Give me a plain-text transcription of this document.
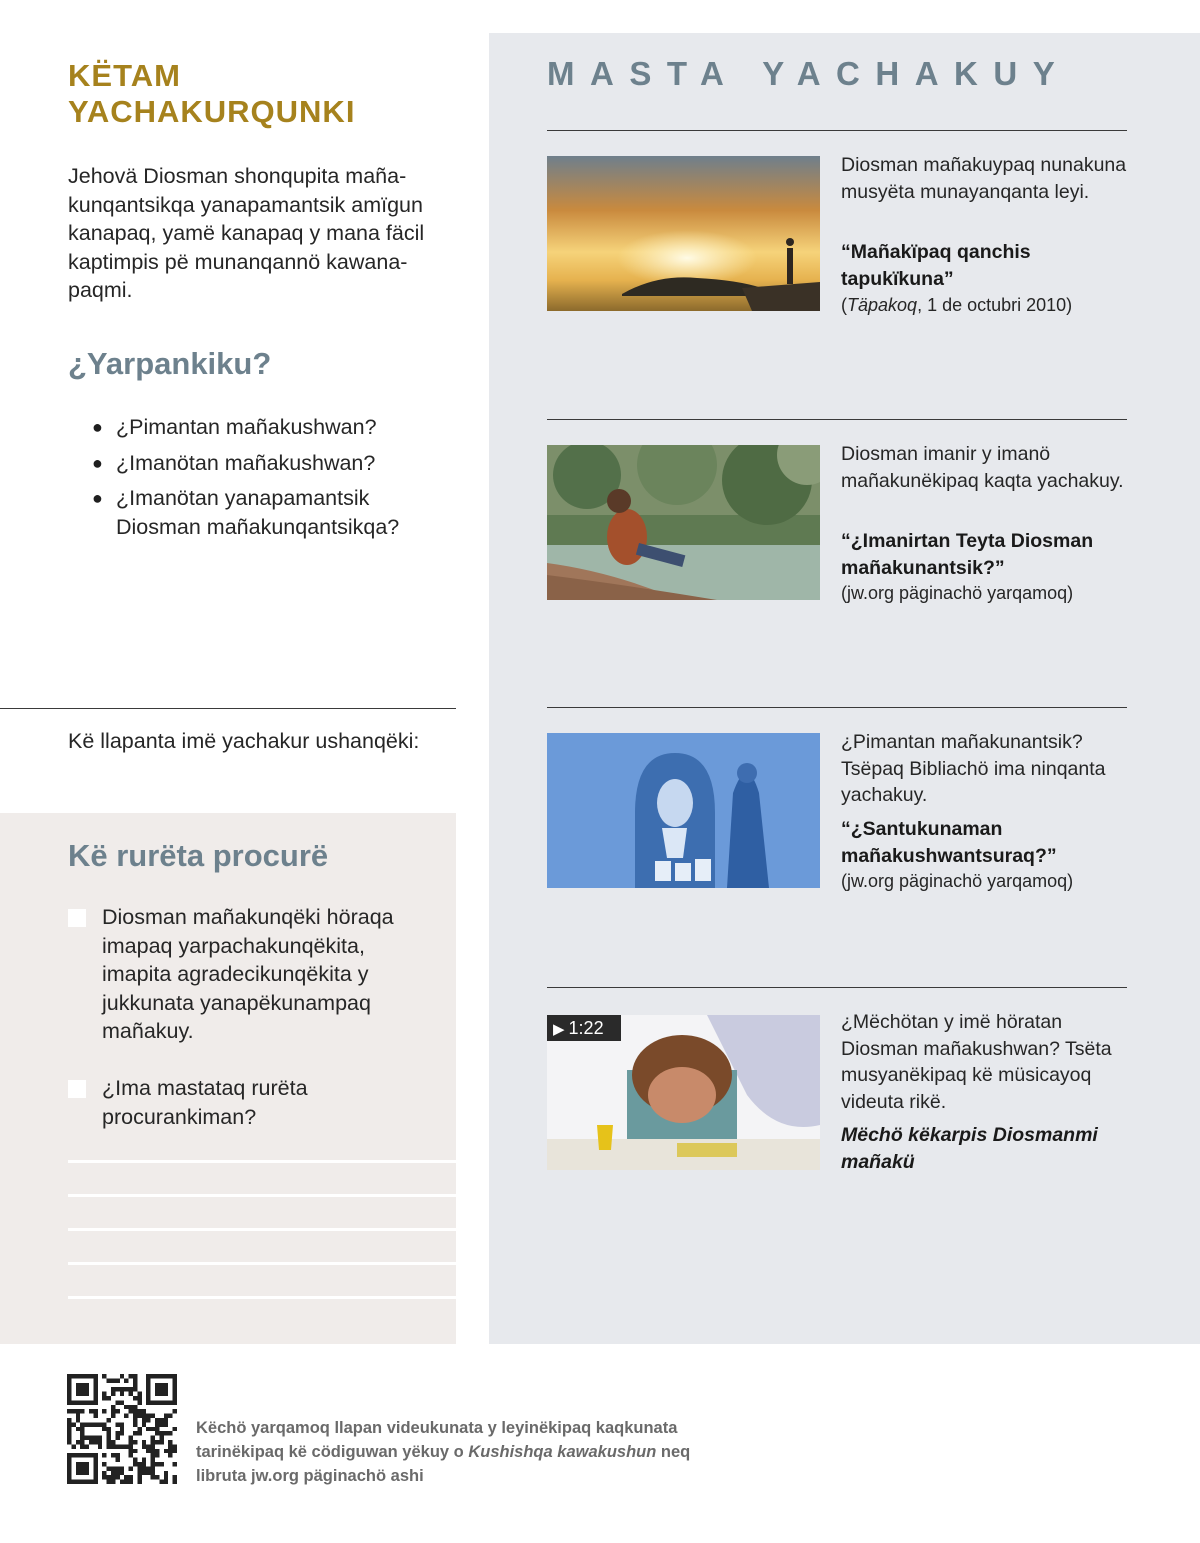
KËTAM YACHAKURQUNKI

Jehovä Diosman shonqupita maña-kunqantsikqa yanapamantsik amïgun kanapaq, yamë kanapaq y mana fäcil kaptimpis pë munanqannö kawana-paqmi.

¿Yarpankiku?
● ¿Pimantan mañakushwan?
● ¿Imanötan mañakushwan?
● ¿Imanötan yanapamantsik Diosman mañakunqantsikqa?

Kë llapanta imë yachakur ushanqëki:

Kë rurëta procurë

Diosman mañakunqëki höraqa imapaq yarpachakunqëkita, imapita agradecikunqëkita y jukkunata yanapëkunampaq mañakuy.

¿Ima mastataq rurëta procurankiman?

MASTA YACHAKUY

Diosman mañakuypaq nunakuna musyëta munayanqanta leyi.

“Mañakïpaq qanchis tapukïkuna”

(Täpakoq, 1 de octubri 2010)

Diosman imanir y imanö mañakunëkipaq kaqta yachakuy.

“¿Imanirtan Teyta Diosman mañakunantsik?”

(jw.org päginachö yarqamoq)

¿Pimantan mañakunantsik? Tsëpaq Bibliachö ima ninqanta yachakuy.

“¿Santukunaman mañakushwantsuraq?”

(jw.org päginachö yarqamoq)

▶ 1:22	¿Mëchötan y imë höratan Diosman mañakushwan? Tsëta musyanëkipaq kë müsicayoq videuta rikë.

Mëchö këkarpis Diosmanmi mañakü

Këchö yarqamoq llapan videukunata y leyinëkipaq kaqkunata tarinëkipaq kë cödiguwan yëkuy o Kushishqa kawakushun neq libruta jw.org päginachö ashi
